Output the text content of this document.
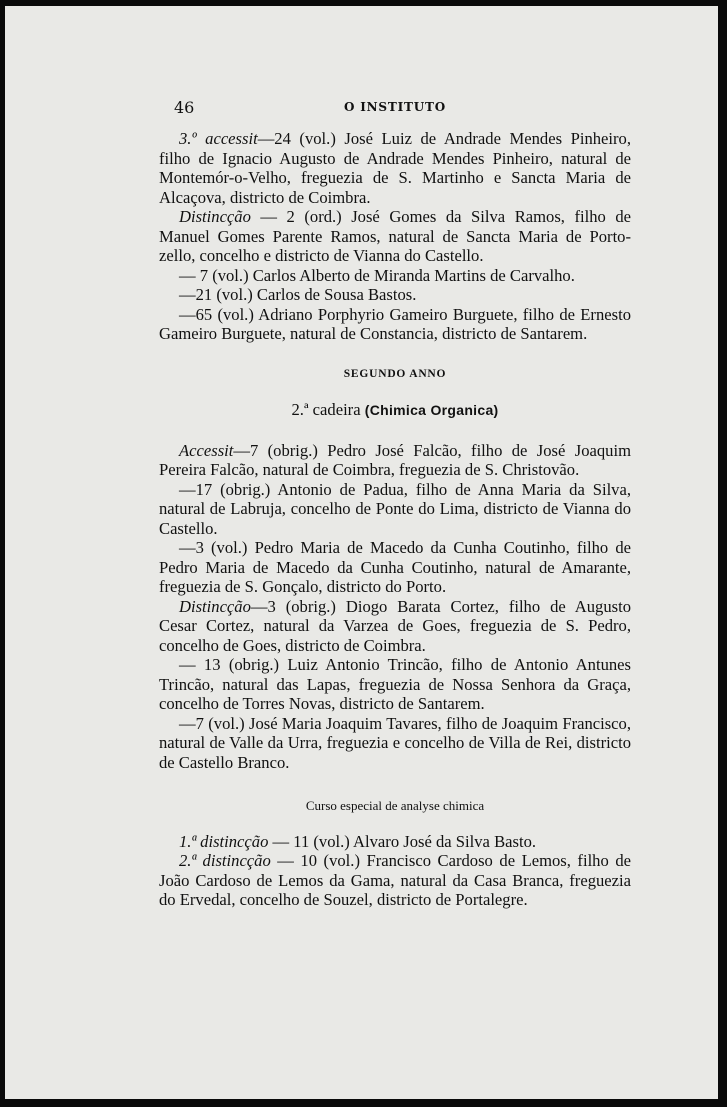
46	O INSTITUTO

3.º accessit—24 (vol.) José Luiz de Andrade Mendes Pinheiro, filho de Ignacio Augusto de Andrade Mendes Pinheiro, natural de Montemór-o-Velho, freguezia de S. Martinho e Sancta Maria de Alcaçova, districto de Coimbra.

Distincção — 2 (ord.) José Gomes da Silva Ramos, filho de Manuel Gomes Parente Ramos, natural de Sancta Maria de Porto-zello, concelho e districto de Vianna do Castello.

— 7 (vol.) Carlos Alberto de Miranda Martins de Carvalho.

—21 (vol.) Carlos de Sousa Bastos.

—65 (vol.) Adriano Porphyrio Gameiro Burguete, filho de Ernesto Gameiro Burguete, natural de Constancia, districto de Santarem.

SEGUNDO ANNO

2.ª cadeira (Chimica Organica)

Accessit—7 (obrig.) Pedro José Falcão, filho de José Joaquim Pereira Falcão, natural de Coimbra, freguezia de S. Christovão.

—17 (obrig.) Antonio de Padua, filho de Anna Maria da Silva, natural de Labruja, concelho de Ponte do Lima, districto de Vianna do Castello.

—3 (vol.) Pedro Maria de Macedo da Cunha Coutinho, filho de Pedro Maria de Macedo da Cunha Coutinho, natural de Amarante, freguezia de S. Gonçalo, districto do Porto.

Distincção—3 (obrig.) Diogo Barata Cortez, filho de Augusto Cesar Cortez, natural da Varzea de Goes, freguezia de S. Pedro, concelho de Goes, districto de Coimbra.

— 13 (obrig.) Luiz Antonio Trincão, filho de Antonio Antunes Trincão, natural das Lapas, freguezia de Nossa Senhora da Graça, concelho de Torres Novas, districto de Santarem.

—7 (vol.) José Maria Joaquim Tavares, filho de Joaquim Francisco, natural de Valle da Urra, freguezia e concelho de Villa de Rei, districto de Castello Branco.

Curso especial de analyse chimica

1.ª distincção — 11 (vol.) Alvaro José da Silva Basto.

2.ª distincção — 10 (vol.) Francisco Cardoso de Lemos, filho de João Cardoso de Lemos da Gama, natural da Casa Branca, freguezia do Ervedal, concelho de Souzel, districto de Portalegre.
